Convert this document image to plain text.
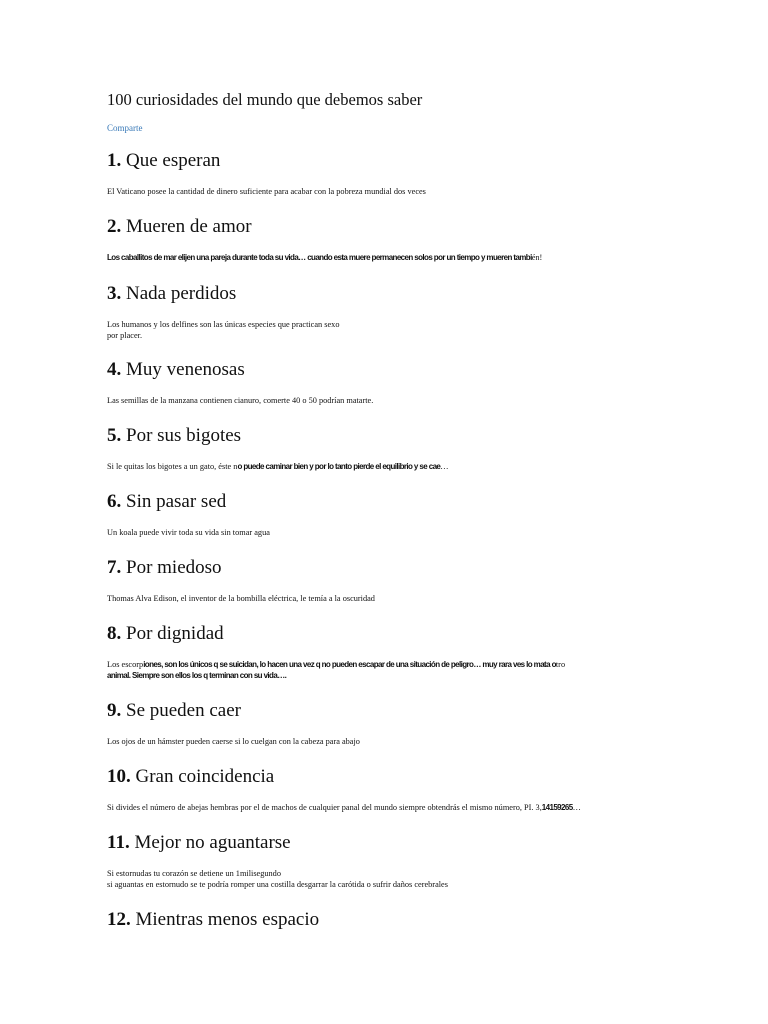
100 curiosidades del mundo que debemos saber
Comparte
1. Que esperan

El Vaticano posee la cantidad de dinero suficiente para acabar con la pobreza mundial dos veces

2. Mueren de amor

Los caballitos de mar elijen una pareja durante toda su vida… cuando esta muere permanecen solos por un tiempo y mueren también!

3. Nada perdidos

Los humanos y los delfines son las únicas especies que practican sexo

por placer.

4. Muy venenosas

Las semillas de la manzana contienen cianuro, comerte 40 o 50 podrían matarte.

5. Por sus bigotes

Si le quitas los bigotes a un gato, éste no puede caminar bien y por lo tanto pierde el equilibrio y se cae…

6. Sin pasar sed

Un koala puede vivir toda su vida sin tomar agua

7. Por miedoso

Thomas Alva Edison, el inventor de la bombilla eléctrica, le temía a la oscuridad

8. Por dignidad

Los escorpiones, son los únicos q se suicidan, lo hacen una vez q no pueden escapar de una situación de peligro… muy rara ves lo mata otro

animal. Siempre son ellos los q terminan con su vida….

9. Se pueden caer

Los ojos de un hámster pueden caerse si lo cuelgan con la cabeza para abajo

10. Gran coincidencia

Si divides el número de abejas hembras por el de machos de cualquier panal del mundo siempre obtendrás el mismo número, PI. 3,14159265…

11. Mejor no aguantarse

Si estornudas tu corazón se detiene un 1milisegundo

si aguantas en estornudo se te podría romper una costilla desgarrar la carótida o sufrir daños cerebrales

12. Mientras menos espacio
